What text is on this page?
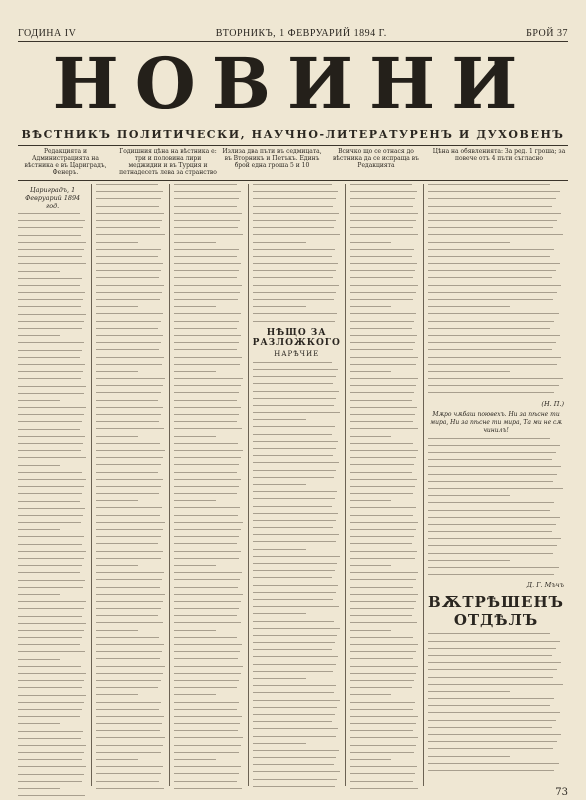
ГОДИНА IV	ВТОРНИКЪ, 1 ФЕВРУАРИЙ 1894 Г.	БРОЙ 37
НОВИНИ
ВѢСТНИКЪ ПОЛИТИЧЕСКИ, НАУЧНО-ЛИТЕРАТУРЕНЪ И ДУХОВЕНЪ
Редакцията и Администрацията на вѣстника е въ Цариградъ, Фенеръ.
Годишния цѣна на вѣстника е: три и половина лири меджидии и въ Турция и петнадесеть лева за странство
Излиза два пъти въ седмицата, въ Вторникъ и Петъкъ. Единъ брой една гроша 5 и 10
Всичко що се отнася до вѣстника да се испраща въ Редакцията
Цѣна на обявленията: За ред. 1 гроша; за повече отъ 4 пъти съгласно
Цариградъ, 1 Февруарий 1894 год.
НѢЩО ЗА РАЗЛОЖКОГО
НАРѢЧИЕ
(Н. П.)
Мѫро чѫбаш поювехъ. Ни за пѣсне ти мира, Ни за пѣсне ти мира, Та ми не сѫ чинилъ!
Д. Г. Мъчъ
ВѪТРѢШЕНЪ ОТДѢЛЪ
73
